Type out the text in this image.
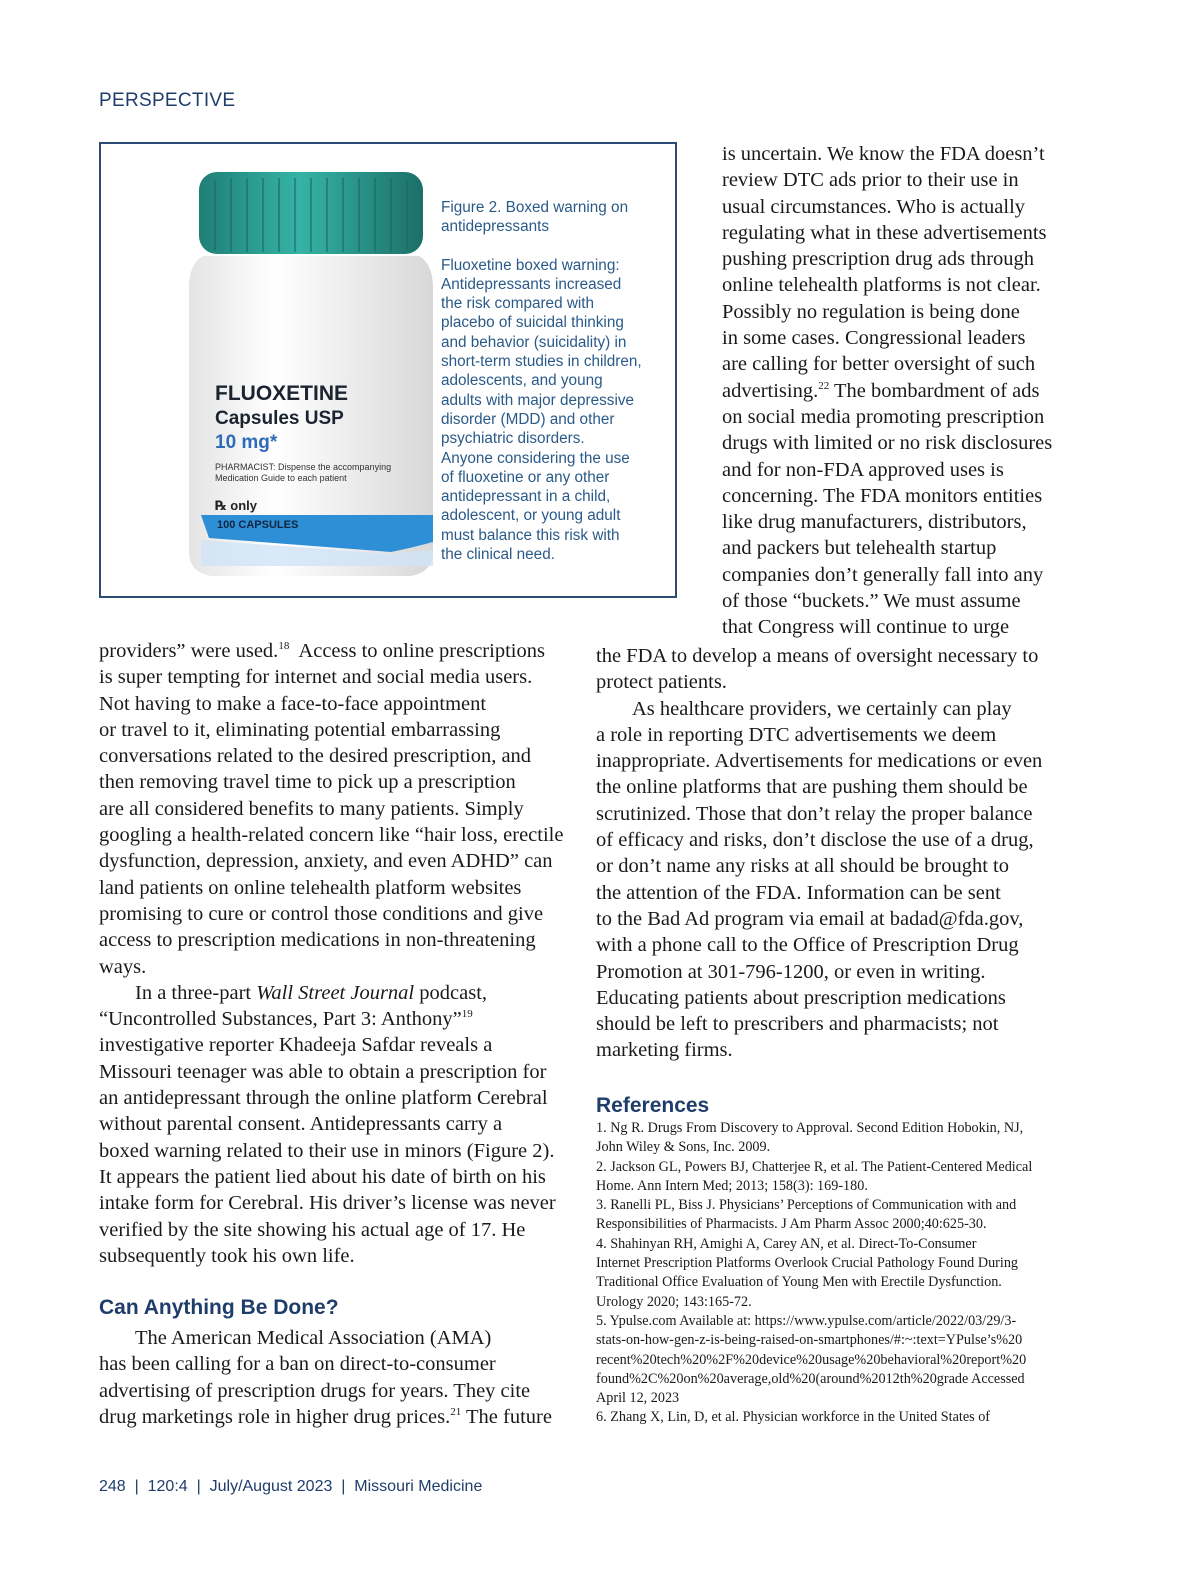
PERSPECTIVE
FLUOXETINE
Capsules USP
10 mg*
PHARMACIST: Dispense the accompanying
Medication Guide to each patient
℞ only
100 CAPSULES

Figure 2. Boxed warning on
antidepressants

Fluoxetine boxed warning:
Antidepressants increased
the risk compared with
placebo of suicidal thinking
and behavior (suicidality) in
short-term studies in children,
adolescents, and young
adults with major depressive
disorder (MDD) and other
psychiatric disorders.
Anyone considering the use
of fluoxetine or any other
antidepressant in a child,
adolescent, or young adult
must balance this risk with
the clinical need.

is uncertain. We know the FDA doesn’t
review DTC ads prior to their use in
usual circumstances. Who is actually
regulating what in these advertisements
pushing prescription drug ads through
online telehealth platforms is not clear.
Possibly no regulation is being done
in some cases. Congressional leaders
are calling for better oversight of such
advertising.$^{22}$ The bombardment of ads
on social media promoting prescription
drugs with limited or no risk disclosures
and for non-FDA approved uses is
concerning. The FDA monitors entities
like drug manufacturers, distributors,
and packers but telehealth startup
companies don’t generally fall into any
of those “buckets.” We must assume
that Congress will continue to urge
providers” were used.$^{18}$  Access to online prescriptions
is super tempting for internet and social media users.
Not having to make a face-to-face appointment
or travel to it, eliminating potential embarrassing
conversations related to the desired prescription, and
then removing travel time to pick up a prescription
are all considered benefits to many patients. Simply
googling a health-related concern like “hair loss, erectile
dysfunction, depression, anxiety, and even ADHD” can
land patients on online telehealth platform websites
promising to cure or control those conditions and give
access to prescription medications in non-threatening
ways.
In a three-part Wall Street Journal podcast,
“Uncontrolled Substances, Part 3: Anthony”$^{19}$
investigative reporter Khadeeja Safdar reveals a
Missouri teenager was able to obtain a prescription for
an antidepressant through the online platform Cerebral
without parental consent. Antidepressants carry a
boxed warning related to their use in minors (Figure 2).
It appears the patient lied about his date of birth on his
intake form for Cerebral. His driver’s license was never
verified by the site showing his actual age of 17. He
subsequently took his own life.
Can Anything Be Done?
The American Medical Association (AMA)
has been calling for a ban on direct-to-consumer
advertising of prescription drugs for years. They cite
drug marketings role in higher drug prices.$^{21}$ The future
the FDA to develop a means of oversight necessary to
protect patients.
As healthcare providers, we certainly can play
a role in reporting DTC advertisements we deem
inappropriate. Advertisements for medications or even
the online platforms that are pushing them should be
scrutinized. Those that don’t relay the proper balance
of efficacy and risks, don’t disclose the use of a drug,
or don’t name any risks at all should be brought to
the attention of the FDA. Information can be sent
to the Bad Ad program via email at badad@fda.gov,
with a phone call to the Office of Prescription Drug
Promotion at 301-796-1200, or even in writing.
Educating patients about prescription medications
should be left to prescribers and pharmacists; not
marketing firms.
References
1. Ng R. Drugs From Discovery to Approval. Second Edition Hobokin, NJ,
John Wiley & Sons, Inc. 2009.
2. Jackson GL, Powers BJ, Chatterjee R, et al. The Patient-Centered Medical
Home. Ann Intern Med; 2013; 158(3): 169-180.
3. Ranelli PL, Biss J. Physicians’ Perceptions of Communication with and
Responsibilities of Pharmacists. J Am Pharm Assoc 2000;40:625-30.
4. Shahinyan RH, Amighi A, Carey AN, et al. Direct-To-Consumer
Internet Prescription Platforms Overlook Crucial Pathology Found During
Traditional Office Evaluation of Young Men with Erectile Dysfunction.
Urology 2020; 143:165-72.
5. Ypulse.com Available at: https://www.ypulse.com/article/2022/03/29/3-
stats-on-how-gen-z-is-being-raised-on-smartphones/#:~:text=YPulse’s%20
recent%20tech%20%2F%20device%20usage%20behavioral%20report%20
found%2C%20on%20average,old%20(around%2012th%20grade Accessed
April 12, 2023
6. Zhang X, Lin, D, et al. Physician workforce in the United States of
248  |  120:4  |  July/August 2023  |  Missouri Medicine
